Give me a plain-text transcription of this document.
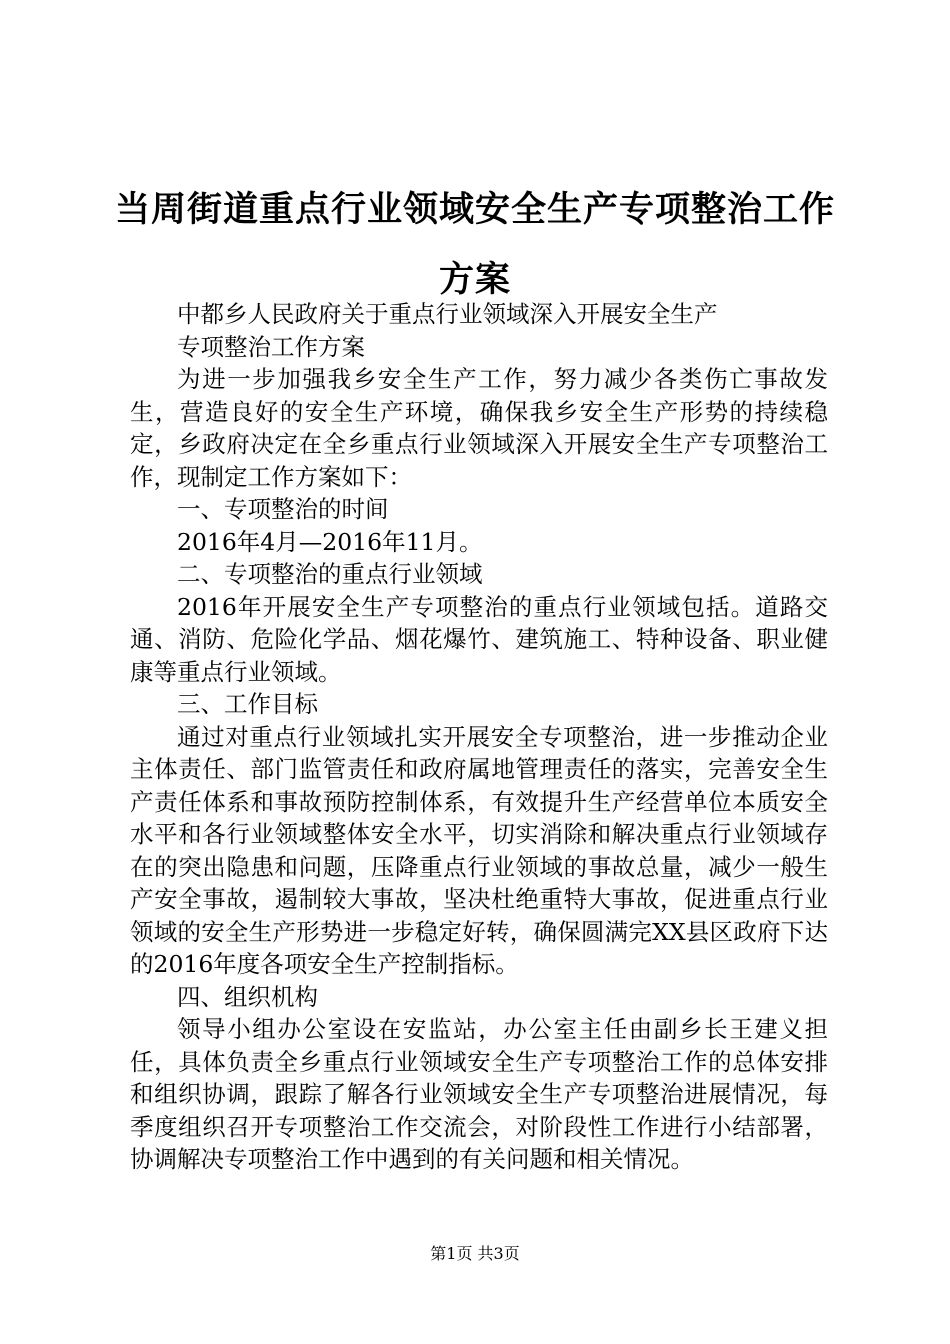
当周街道重点行业领域安全生产专项整治工作方案

中都乡人民政府关于重点行业领域深入开展安全生产

专项整治工作方案

为进一步加强我乡安全生产工作，努力减少各类伤亡事故发生，营造良好的安全生产环境，确保我乡安全生产形势的持续稳定，乡政府决定在全乡重点行业领域深入开展安全生产专项整治工作，现制定工作方案如下：

一、专项整治的时间

2016年4月—2016年11月。

二、专项整治的重点行业领域

2016年开展安全生产专项整治的重点行业领域包括。道路交通、消防、危险化学品、烟花爆竹、建筑施工、特种设备、职业健康等重点行业领域。

三、工作目标

通过对重点行业领域扎实开展安全专项整治，进一步推动企业主体责任、部门监管责任和政府属地管理责任的落实，完善安全生产责任体系和事故预防控制体系，有效提升生产经营单位本质安全水平和各行业领域整体安全水平，切实消除和解决重点行业领域存在的突出隐患和问题，压降重点行业领域的事故总量，减少一般生产安全事故，遏制较大事故，坚决杜绝重特大事故，促进重点行业领域的安全生产形势进一步稳定好转，确保圆满完XX县区政府下达的2016年度各项安全生产控制指标。

四、组织机构

领导小组办公室设在安监站，办公室主任由副乡长王建义担任，具体负责全乡重点行业领域安全生产专项整治工作的总体安排和组织协调，跟踪了解各行业领域安全生产专项整治进展情况，每季度组织召开专项整治工作交流会，对阶段性工作进行小结部署，协调解决专项整治工作中遇到的有关问题和相关情况。

第1页 共3页
